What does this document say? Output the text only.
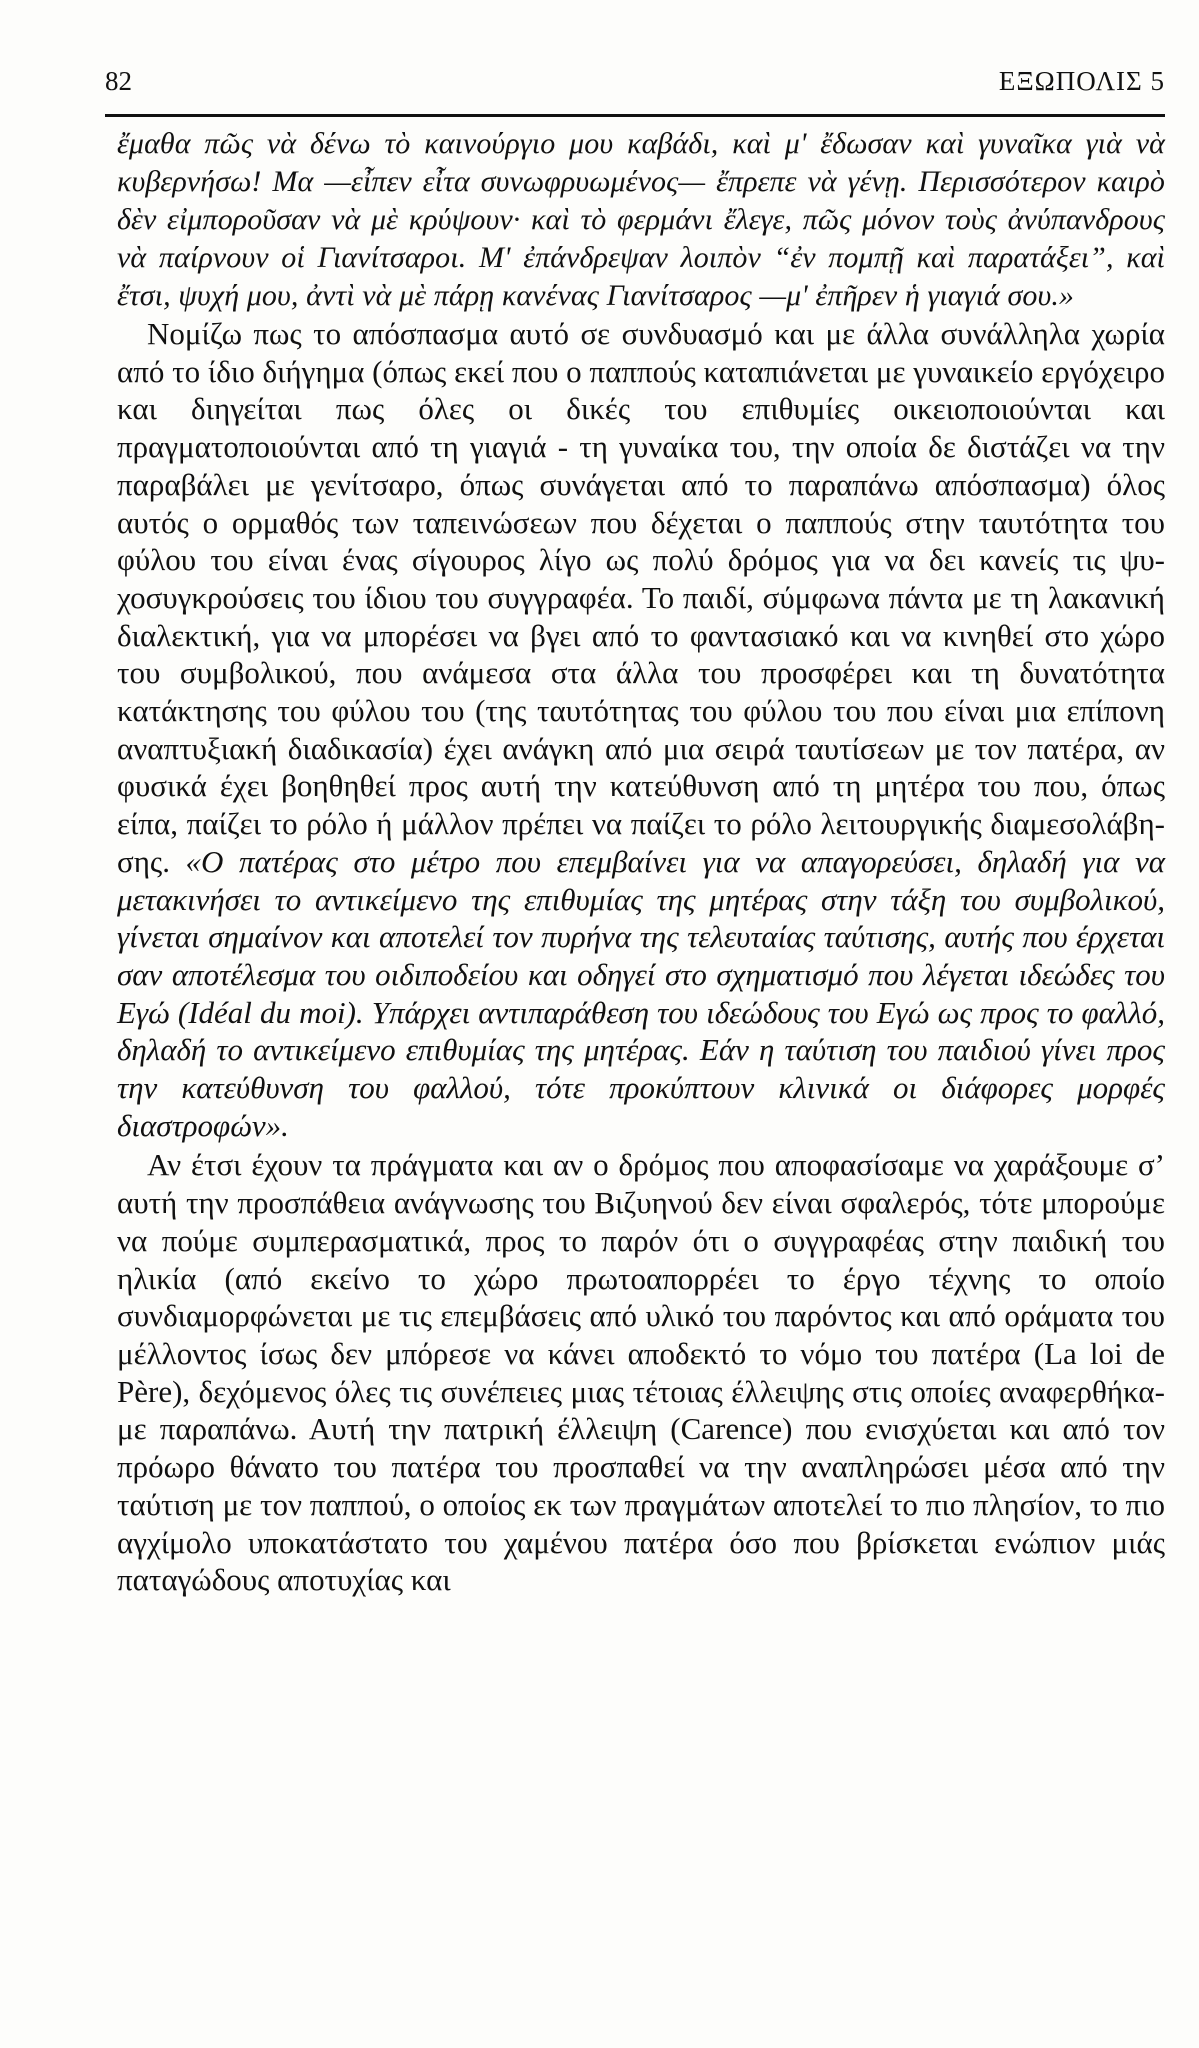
82	ΕΞΩΠΟΛΙΣ 5

ἔμαθα πῶς νὰ δένω τὸ καινούργιο μου καβάδι, καὶ μ' ἔδωσαν καὶ γυναῖκα γιὰ νὰ κυβερνήσω! Μα —εἶπεν εἶτα συνωφρυωμένος— ἔπρεπε νὰ γένῃ. Περισσότερον καιρὸ δὲν εἰμποροῦσαν νὰ μὲ κρύψουν· καὶ τὸ φερμάνι ἔλεγε, πῶς μόνον τοὺς ἀνύπανδρους νὰ παίρνουν οἱ Γιανίτσαροι. Μ' ἐπάνδρεψαν λοιπὸν “ἐν πομπῇ καὶ παρατάξει”, καὶ ἔτσι, ψυχή μου, ἀντὶ νὰ μὲ πάρῃ κανένας Γιανίτσαρος —μ' ἐπῆρεν ἡ γιαγιά σου.»

Νομίζω πως το απόσπασμα αυτό σε συνδυασμό και με άλλα συνάλληλα χωρία από το ίδιο διήγημα (όπως εκεί που ο παππούς καταπιάνεται με γυναικείο εργόχειρο και διηγείται πως όλες οι δικές του επιθυμίες οικειοποιούνται και πραγματοποιούνται από τη γιαγιά - τη γυναίκα του, την οποία δε διστάζει να την παραβάλει με γενίτσαρο, όπως συνάγεται από το παραπάνω απόσπασμα) όλος αυτός ο ορμαθός των ταπεινώσεων που δέχεται ο παππούς στην ταυτότητα του φύλου του είναι ένας σίγουρος λίγο ως πολύ δρόμος για να δει κανείς τις ψυχοσυγκρούσεις του ίδιου του συγγραφέα. Το παιδί, σύμφωνα πάντα με τη λακανική διαλεκτική, για να μπορέσει να βγει από το φαντασιακό και να κινηθεί στο χώρο του συμβολικού, που ανάμεσα στα άλλα του προσφέρει και τη δυνατότητα κατάκτησης του φύλου του (της ταυτότητας του φύλου του που είναι μια επίπονη αναπτυξιακή διαδικασία) έχει ανάγκη από μια σειρά ταυτίσεων με τον πατέρα, αν φυσικά έχει βοηθηθεί προς αυτή την κατεύθυνση από τη μητέρα του που, όπως είπα, παίζει το ρόλο ή μάλλον πρέπει να παίζει το ρόλο λειτουργικής διαμεσολάβησης. «Ο πατέρας στο μέτρο που επεμβαίνει για να απαγορεύσει, δηλαδή για να μετακινήσει το αντικείμενο της επιθυμίας της μητέρας στην τάξη του συμβολικού, γίνεται σημαίνον και αποτελεί τον πυρήνα της τελευταίας ταύτισης, αυτής που έρχεται σαν αποτέλεσμα του οιδιποδείου και οδηγεί στο σχηματισμό που λέγεται ιδεώδες του Εγώ (Idéal du moi). Υπάρχει αντιπαράθεση του ιδεώδους του Εγώ ως προς το φαλλό, δηλαδή το αντικείμενο επιθυμίας της μητέρας. Εάν η ταύτιση του παιδιού γίνει προς την κατεύθυνση του φαλλού, τότε προκύπτουν κλινικά οι διάφορες μορφές διαστροφών».

Αν έτσι έχουν τα πράγματα και αν ο δρόμος που αποφασίσαμε να χαράξουμε σ’ αυτή την προσπάθεια ανάγνωσης του Βιζυηνού δεν είναι σφαλερός, τότε μπορούμε να πούμε συμπερασματικά, προς το παρόν ότι ο συγγραφέας στην παιδική του ηλικία (από εκείνο το χώρο πρωτοαπορρέει το έργο τέχνης το οποίο συνδιαμορφώνεται με τις επεμβάσεις από υλικό του παρόντος και από οράματα του μέλλοντος ίσως δεν μπόρεσε να κάνει αποδεκτό το νόμο του πατέρα (La loi de Père), δεχόμενος όλες τις συνέπειες μιας τέτοιας έλλειψης στις οποίες αναφερθήκαμε παραπάνω. Αυτή την πατρική έλλειψη (Carence) που ενισχύεται και από τον πρόωρο θάνατο του πατέρα του προσπαθεί να την αναπληρώσει μέσα από την ταύτιση με τον παππού, ο οποίος εκ των πραγμάτων αποτελεί το πιο πλησίον, το πιο αγχίμολο υποκατάστατο του χαμένου πατέρα όσο που βρίσκεται ενώπιον μιάς παταγώδους αποτυχίας και
